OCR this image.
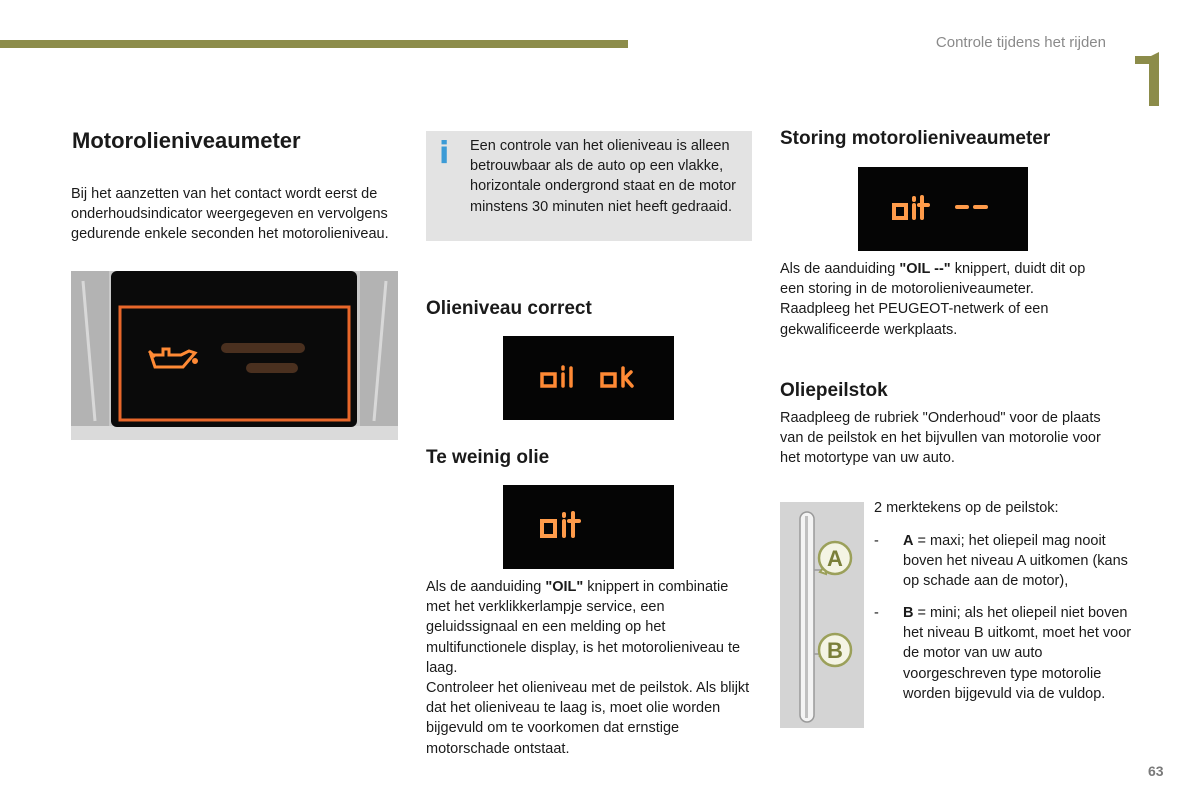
Controle tijdens het rijden
Motorolieniveaumeter
Bij het aanzetten van het contact wordt eerst de onderhoudsindicator weergegeven en vervolgens gedurende enkele seconden het motorolieniveau.
i Een controle van het olieniveau is alleen betrouwbaar als de auto op een vlakke, horizontale ondergrond staat en de motor minstens 30 minuten niet heeft gedraaid.
Olieniveau correct
Te weinig olie
Als de aanduiding "OIL" knippert in combinatie met het verklikkerlampje service, een geluidssignaal en een melding op het multifunctionele display, is het motorolieniveau te laag.
Controleer het olieniveau met de peilstok. Als blijkt dat het olieniveau te laag is, moet olie worden bijgevuld om te voorkomen dat ernstige motorschade ontstaat.
Storing motorolieniveaumeter
Als de aanduiding "OIL --" knippert, duidt dit op een storing in de motorolieniveaumeter. Raadpleeg het PEUGEOT-netwerk of een gekwalificeerde werkplaats.
Oliepeilstok
Raadpleeg de rubriek "Onderhoud" voor de plaats van de peilstok en het bijvullen van motorolie voor het motortype van uw auto.
A
B
2 merktekens op de peilstok:
- A = maxi; het oliepeil mag nooit boven het niveau A uitkomen (kans op schade aan de motor),
- B = mini; als het oliepeil niet boven het niveau B uitkomt, moet het voor de motor van uw auto voorgeschreven type motorolie worden bijgevuld via de vuldop.
63
